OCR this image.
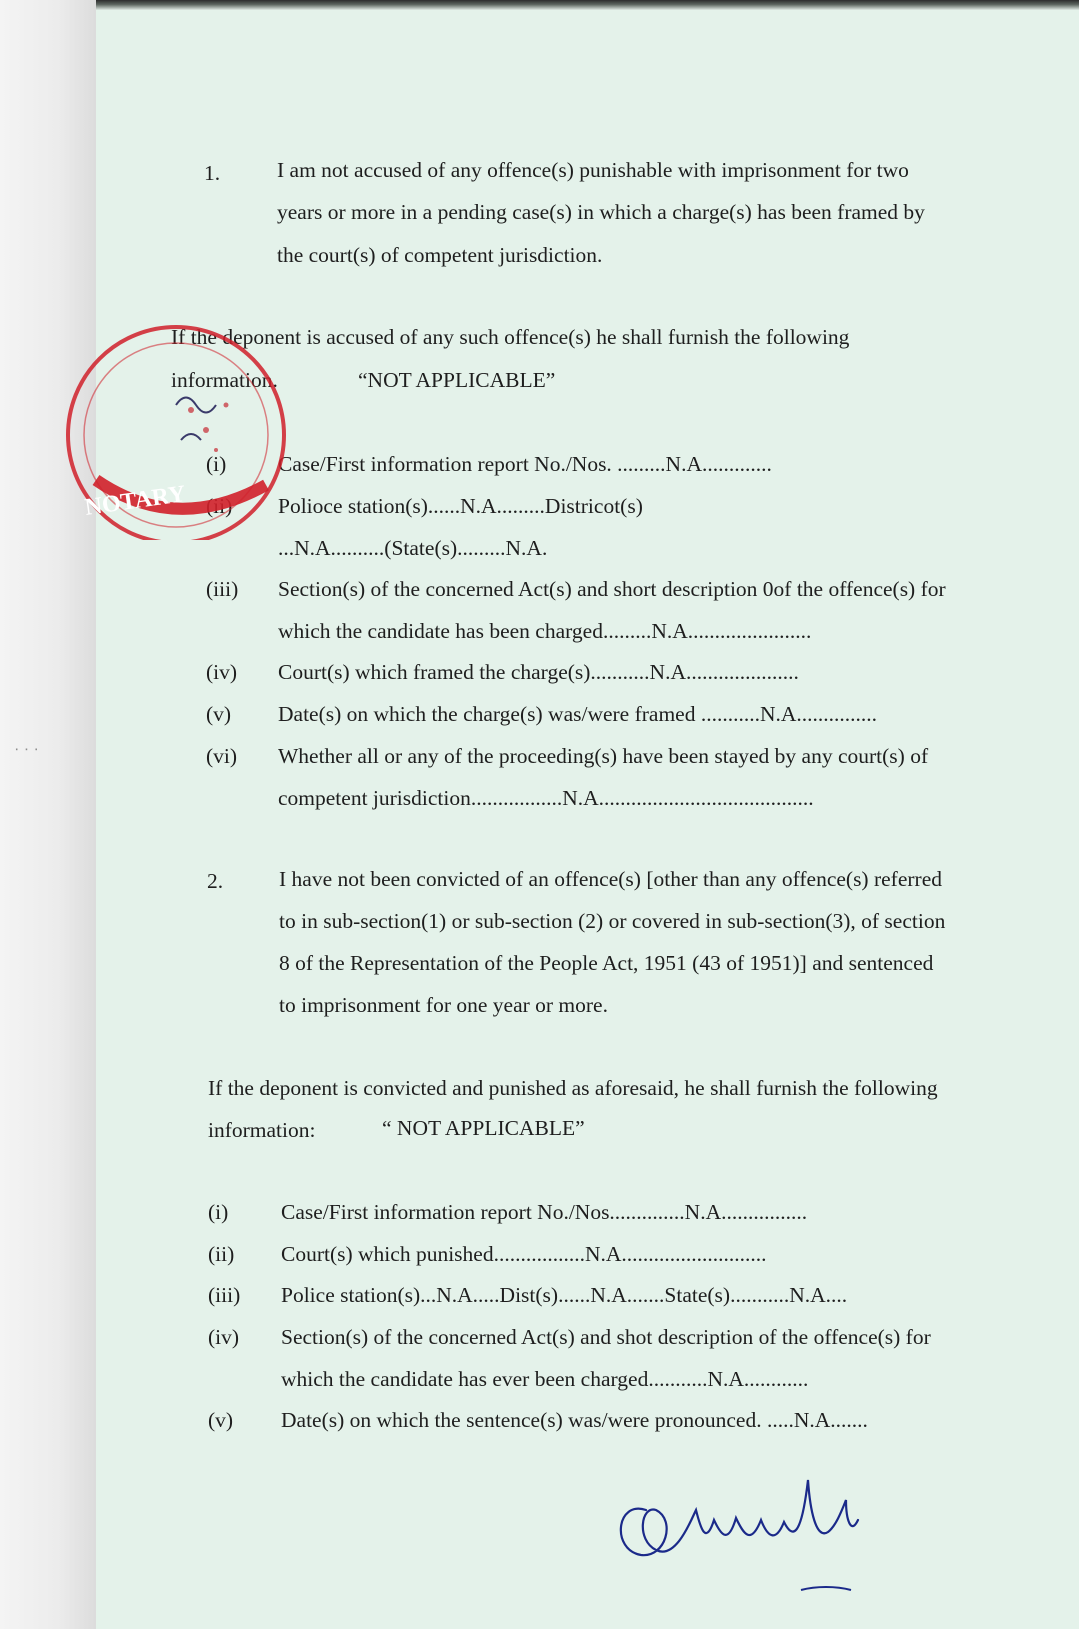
· · ·
1.	I am not accused of any offence(s) punishable with imprisonment for two
years or more in a pending case(s) in which a charge(s) has been framed by
the court(s) of competent jurisdiction.
If the deponent is accused of any such offence(s) he shall furnish the following
information.	“NOT APPLICABLE”
(i) Case/First information report No./Nos. .........N.A.............
(ii) Polioce station(s)......N.A.........Districot(s)
...N.A..........(State(s).........N.A.
(iii) Section(s) of the concerned Act(s) and short description 0of the offence(s) for
which the candidate has been charged.........N.A.......................
(iv) Court(s) which framed the charge(s)...........N.A.....................
(v) Date(s) on which the charge(s) was/were framed ...........N.A...............
(vi) Whether all or any of the proceeding(s) have been stayed by any court(s) of
competent jurisdiction.................N.A........................................
2.	I have not been convicted of an offence(s) [other than any offence(s) referred
to in sub-section(1) or sub-section (2) or covered in sub-section(3), of section
8 of the Representation of the People Act, 1951 (43 of 1951)] and sentenced
to imprisonment for one year or more.
If the deponent is convicted and punished as aforesaid, he shall furnish the following
information:	“ NOT APPLICABLE”
(i) Case/First information report No./Nos..............N.A................
(ii) Court(s) which punished.................N.A...........................
(iii) Police station(s)...N.A.....Dist(s)......N.A.......State(s)...........N.A....
(iv) Section(s) of the concerned Act(s) and shot description of the offence(s) for
which the candidate has ever been charged...........N.A............
(v) Date(s) on which the sentence(s) was/were pronounced. .....N.A.......
NOTARY
